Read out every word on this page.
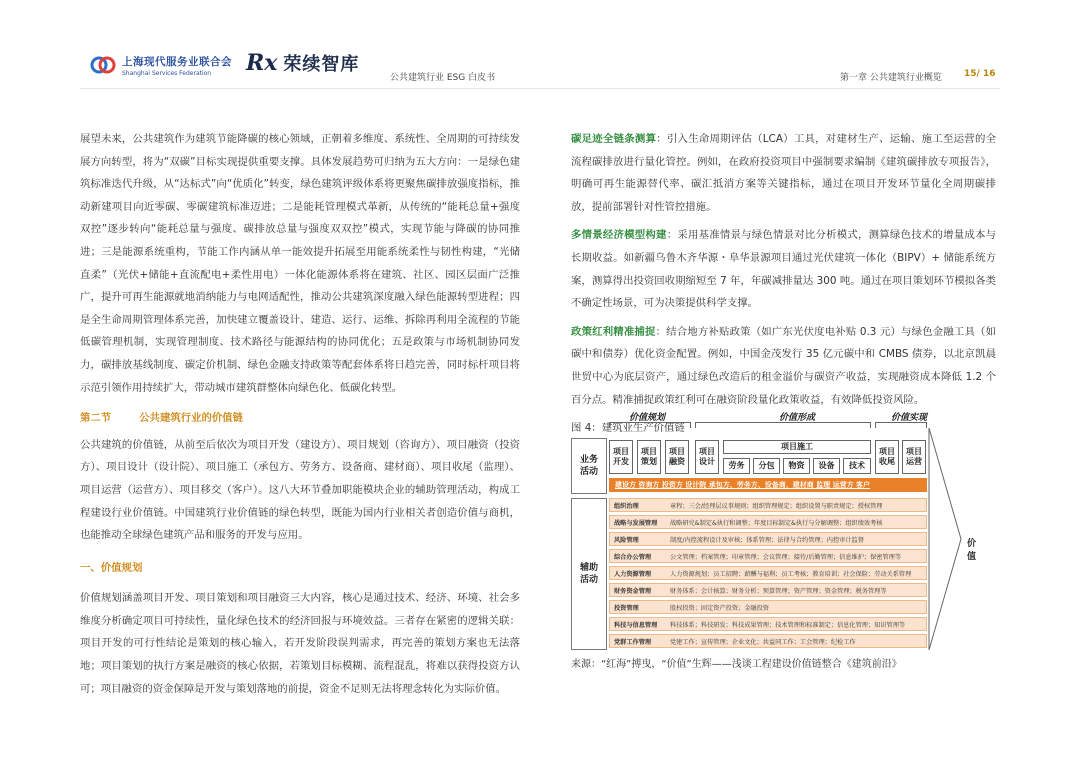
上海现代服务业联合会
Shanghai Services Federation	Rx 荣续智库
公共建筑行业 ESG 白皮书	第一章 公共建筑行业概览 15/ 16

展望未来，公共建筑作为建筑节能降碳的核心领域，正朝着多维度、系统性、全周期的可持续发展方向转型，将为“双碳”目标实现提供重要支撑。具体发展趋势可归纳为五大方向：一是绿色建筑标准迭代升级，从“达标式”向“优质化”转变，绿色建筑评级体系将更聚焦碳排放强度指标，推动新建项目向近零碳、零碳建筑标准迈进；二是能耗管理模式革新，从传统的“能耗总量+强度双控”逐步转向“能耗总量与强度、碳排放总量与强度双双控”模式，实现节能与降碳的协同推进；三是能源系统重构，节能工作内涵从单一能效提升拓展至用能系统柔性与韧性构建，“光储直柔”（光伏+储能+直流配电+柔性用电）一体化能源体系将在建筑、社区、园区层面广泛推广，提升可再生能源就地消纳能力与电网适配性，推动公共建筑深度融入绿色能源转型进程；四是全生命周期管理体系完善，加快建立覆盖设计、建造、运行、运维、拆除再利用全流程的节能低碳管理机制，实现管理制度、技术路径与能源结构的协同优化；五是政策与市场机制协同发力，碳排放基线制度、碳定价机制、绿色金融支持政策等配套体系将日趋完善，同时标杆项目将示范引领作用持续扩大，带动城市建筑群整体向绿色化、低碳化转型。

第二节	公共建筑行业的价值链

公共建筑的价值链，从前至后依次为项目开发（建设方）、项目规划（咨询方）、项目融资（投资方）、项目设计（设计院）、项目施工（承包方、劳务方、设备商、建材商）、项目收尾（监理）、项目运营（运营方）、项目移交（客户）。这八大环节叠加职能模块企业的辅助管理活动，构成工程建设行业价值链。中国建筑行业价值链的绿色转型，既能为国内行业相关者创造价值与商机，也能推动全球绿色建筑产品和服务的开发与应用。

一、价值规划

价值规划涵盖项目开发、项目策划和项目融资三大内容，核心是通过技术、经济、环境、社会多维度分析确定项目可持续性，量化绿色技术的经济回报与环境效益。三者存在紧密的逻辑关联：项目开发的可行性结论是策划的核心输入，若开发阶段误判需求，再完善的策划方案也无法落地；项目策划的执行方案是融资的核心依据，若策划目标模糊、流程混乱，将难以获得投资方认可；项目融资的资金保障是开发与策划落地的前提，资金不足则无法将理念转化为实际价值。

碳足迹全链条测算：引入生命周期评估（LCA）工具，对建材生产、运输、施工至运营的全流程碳排放进行量化管控。例如，在政府投资项目中强制要求编制《建筑碳排放专项报告》，明确可再生能源替代率、碳汇抵消方案等关键指标，通过在项目开发环节量化全周期碳排放，提前部署针对性管控措施。

多情景经济模型构建：采用基准情景与绿色情景对比分析模式，测算绿色技术的增量成本与长期收益。如新疆乌鲁木齐华源・阜华景源项目通过光伏建筑一体化（BIPV）+ 储能系统方案，测算得出投资回收期缩短至 7 年，年碳减排量达 300 吨。通过在项目策划环节模拟各类不确定性场景，可为决策提供科学支撑。

政策红利精准捕捉：结合地方补贴政策（如广东光伏度电补贴 0.3 元）与绿色金融工具（如碳中和债券）优化资金配置。例如，中国金茂发行 35 亿元碳中和 CMBS 债券，以北京凯晨世贸中心为底层资产，通过绿色改造后的租金溢价与碳资产收益，实现融资成本降低 1.2 个百分点。精准捕捉政策红利可在融资阶段量化政策收益，有效降低投资风险。

图 4：建筑业生产价值链
价值规划	价值形成	价值实现
业务
活动
辅助
活动
项目
开发
项目
策划
项目
融资
项目
设计
项目施工
劳务	分包	物资	设备	技术
项目
收尾
项目
运营
建设方 咨询方 投资方 设计院 承包方、劳务方、设备商、建材商 监理 运营方 客户
组织治理	章程；三会/经理层议事规则；组织管理规定；组织设置与职责规定；授权管理
战略与发展管理	战略研究&制定&执行和调整；年度目标制定&执行与分解调整；组织绩效考核
风险管理	制度/内控流程设计及审核；体系管理；法律与合约管理；内控审计监督
综合办公管理	公文管理；档案管理；印章管理；会议管理；接待/后勤管理；信息维护；保密管理等
人力资源管理	人力资源规划；员工招聘；薪酬与福利；员工考核；教育培训；社会保险；劳动关系管理
财务资金管理	财务体系；会计核算；财务分析；预算管理；资产管理；资金管理；税务管理等
投资管理	股权投资；固定资产投资；金融投资
科技与信息管理	科技体系；科技研发；科技成果管理；技术管理和标准制定；信息化管理；知识管理等
党群工作管理	党建工作；宣传管理；企业文化；共益同工作；工会管理；纪检工作
价值
来源：“红海”搏曳，“价值”生辉——浅谈工程建设价值链整合《建筑前沿》
